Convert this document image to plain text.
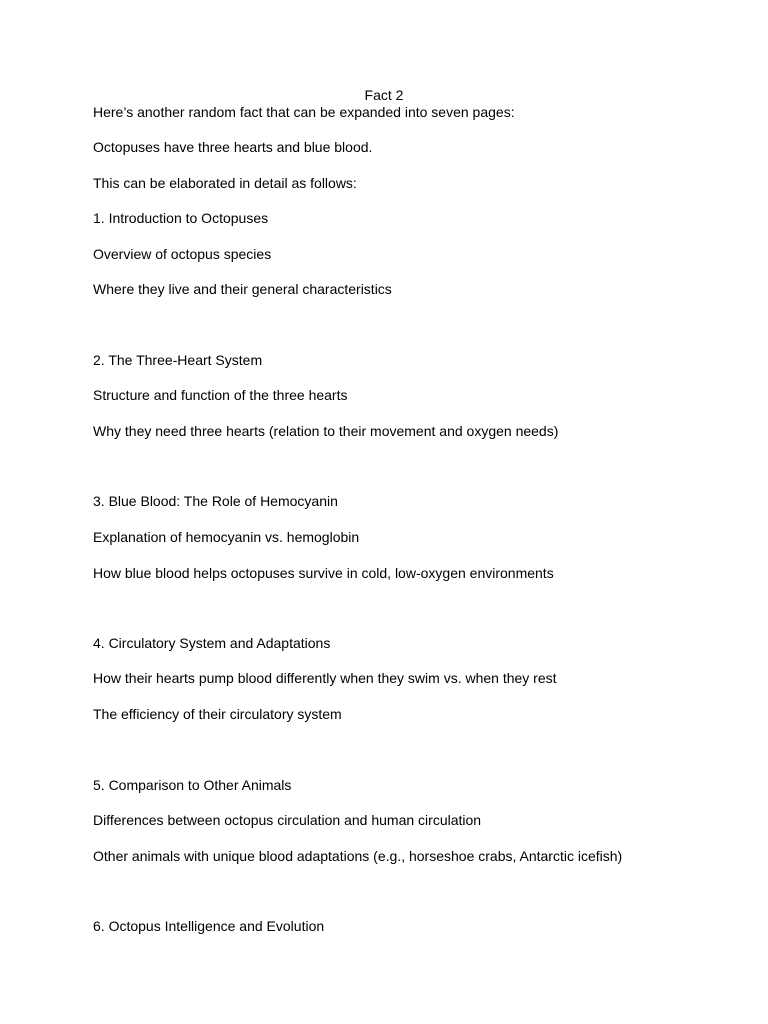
Fact 2
Here’s another random fact that can be expanded into seven pages:
Octopuses have three hearts and blue blood.
This can be elaborated in detail as follows:
1. Introduction to Octopuses
Overview of octopus species
Where they live and their general characteristics
2. The Three-Heart System
Structure and function of the three hearts
Why they need three hearts (relation to their movement and oxygen needs)
3. Blue Blood: The Role of Hemocyanin
Explanation of hemocyanin vs. hemoglobin
How blue blood helps octopuses survive in cold, low-oxygen environments
4. Circulatory System and Adaptations
How their hearts pump blood differently when they swim vs. when they rest
The efficiency of their circulatory system
5. Comparison to Other Animals
Differences between octopus circulation and human circulation
Other animals with unique blood adaptations (e.g., horseshoe crabs, Antarctic icefish)
6. Octopus Intelligence and Evolution
